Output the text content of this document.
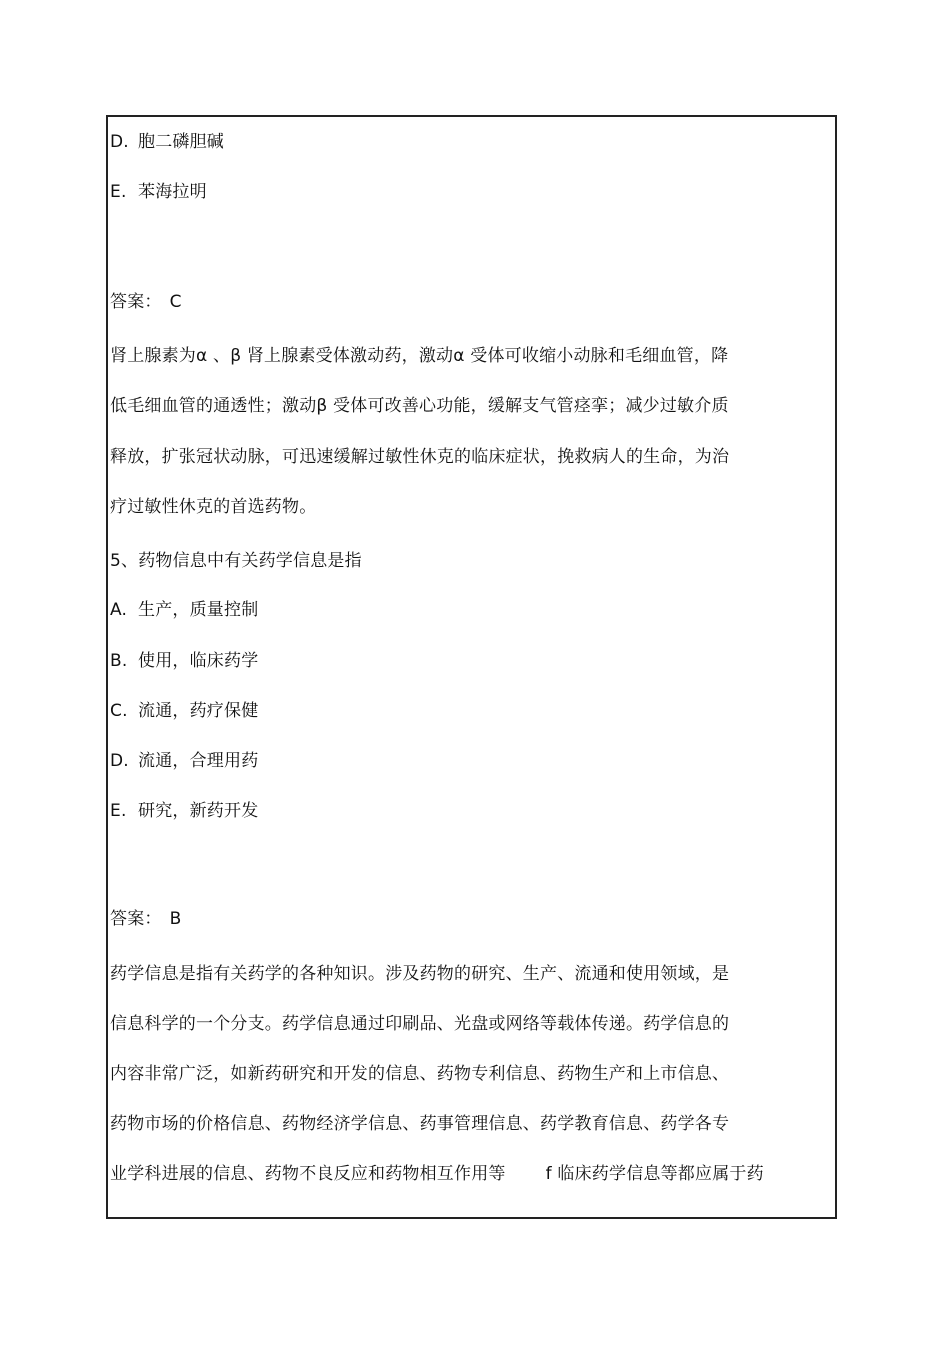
D. 胞二磷胆碱
E. 苯海拉明
答案： C
肾上腺素为α 、β 肾上腺素受体激动药，激动α 受体可收缩小动脉和毛细血管，降
低毛细血管的通透性；激动β 受体可改善心功能，缓解支气管痉挛；减少过敏介质
释放，扩张冠状动脉，可迅速缓解过敏性休克的临床症状，挽救病人的生命，为治
疗过敏性休克的首选药物。
5、药物信息中有关药学信息是指
A. 生产，质量控制
B. 使用，临床药学
C. 流通，药疗保健
D. 流通，合理用药
E. 研究，新药开发
答案： B
药学信息是指有关药学的各种知识。涉及药物的研究、生产、流通和使用领域，是
信息科学的一个分支。药学信息通过印刷品、光盘或网络等载体传递。药学信息的
内容非常广泛，如新药研究和开发的信息、药物专利信息、药物生产和上市信息、
药物市场的价格信息、药物经济学信息、药事管理信息、药学教育信息、药学各专
业学科进展的信息、药物不良反应和药物相互作用等　　 f 临床药学信息等都应属于药
